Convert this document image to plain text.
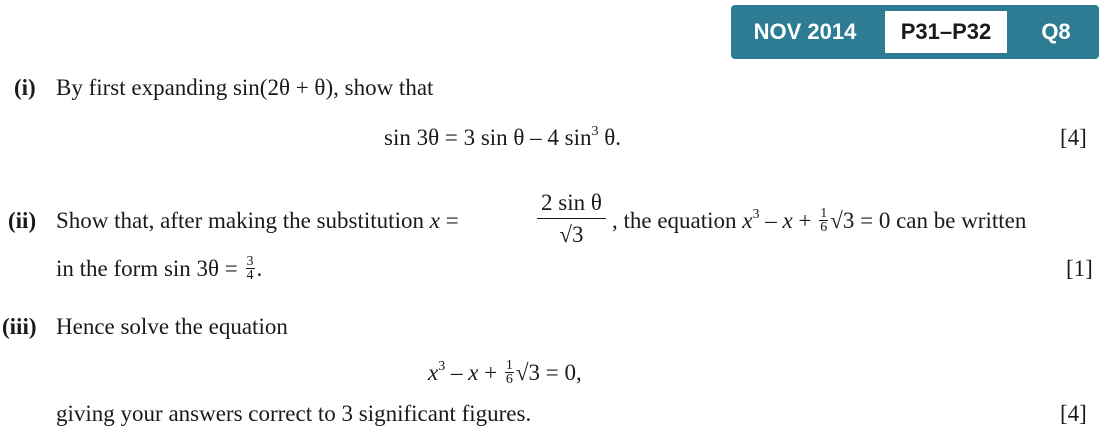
NOV 2014	P31–P32	Q8
(i) By first expanding sin(2θ + θ), show that
sin 3θ = 3 sin θ – 4 $\sin^3 \theta$.	[4]
(ii) Show that, after making the substitution x =	$\frac{\text{2 sin θ}}{√3}$ , the equation $x^3 - x + \frac{1}{6} √3 = 0$ can be written
in the form $\sin 3\theta = \frac{3}{4}$ .	[1]
(iii) Hence solve the equation
$x^3 - x + \frac{1}{6} √3 = 0$,
giving your answers correct to 3 significant figures.	[4]
